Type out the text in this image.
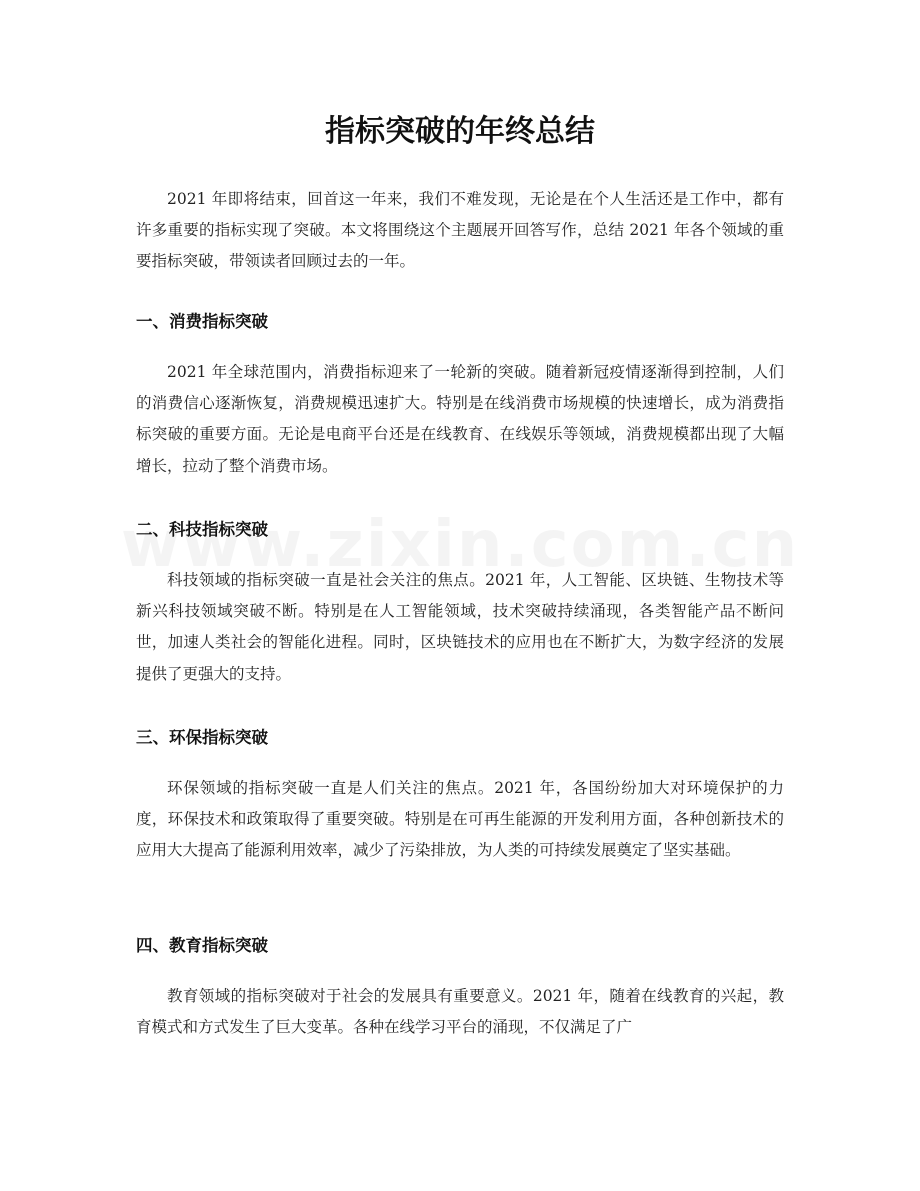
指标突破的年终总结

2021 年即将结束，回首这一年来，我们不难发现，无论是在个人生活还是工作中，都有许多重要的指标实现了突破。本文将围绕这个主题展开回答写作，总结 2021 年各个领域的重要指标突破，带领读者回顾过去的一年。

一、消费指标突破

2021 年全球范围内，消费指标迎来了一轮新的突破。随着新冠疫情逐渐得到控制，人们的消费信心逐渐恢复，消费规模迅速扩大。特别是在线消费市场规模的快速增长，成为消费指标突破的重要方面。无论是电商平台还是在线教育、在线娱乐等领域，消费规模都出现了大幅增长，拉动了整个消费市场。

二、科技指标突破

科技领域的指标突破一直是社会关注的焦点。2021 年，人工智能、区块链、生物技术等新兴科技领域突破不断。特别是在人工智能领域，技术突破持续涌现，各类智能产品不断问世，加速人类社会的智能化进程。同时，区块链技术的应用也在不断扩大，为数字经济的发展提供了更强大的支持。

三、环保指标突破

环保领域的指标突破一直是人们关注的焦点。2021 年，各国纷纷加大对环境保护的力度，环保技术和政策取得了重要突破。特别是在可再生能源的开发利用方面，各种创新技术的应用大大提高了能源利用效率，减少了污染排放，为人类的可持续发展奠定了坚实基础。

四、教育指标突破

教育领域的指标突破对于社会的发展具有重要意义。2021 年，随着在线教育的兴起，教育模式和方式发生了巨大变革。各种在线学习平台的涌现，不仅满足了广
